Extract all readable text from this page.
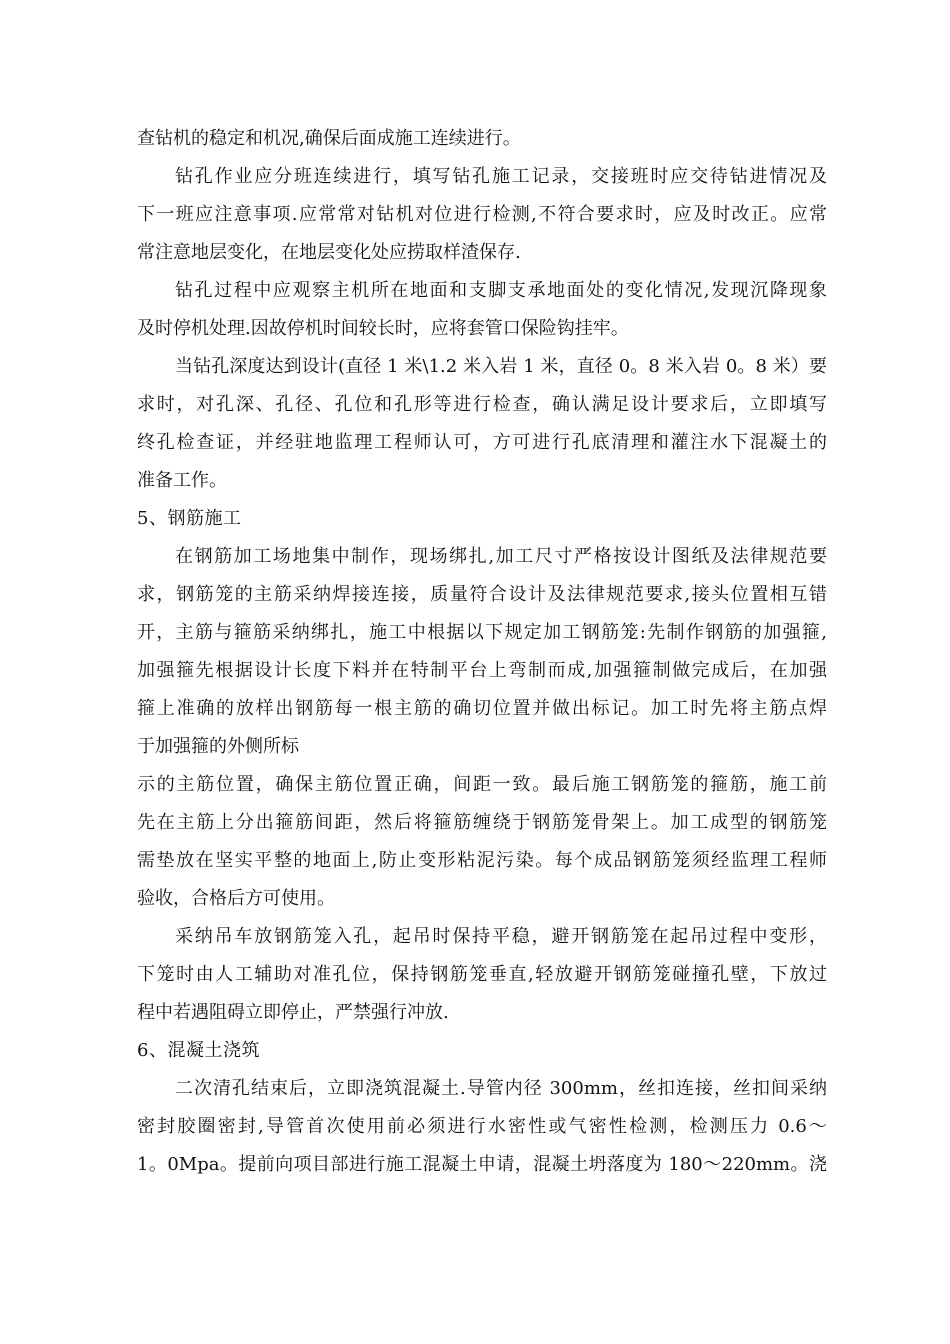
查钻机的稳定和机况,确保后面成施工连续进行。
钻孔作业应分班连续进行，填写钻孔施工记录，交接班时应交待钻进情况及
下一班应注意事项.应常常对钻机对位进行检测,不符合要求时，应及时改正。应常
常注意地层变化，在地层变化处应捞取样渣保存.
钻孔过程中应观察主机所在地面和支脚支承地面处的变化情况,发现沉降现象
及时停机处理.因故停机时间较长时，应将套管口保险钩挂牢。
当钻孔深度达到设计(直径 1 米\1.2 米入岩 1 米，直径 0。8 米入岩 0。8 米）要
求时，对孔深、孔径、孔位和孔形等进行检查，确认满足设计要求后，立即填写
终孔检查证，并经驻地监理工程师认可，方可进行孔底清理和灌注水下混凝土的
准备工作。
5、钢筋施工
在钢筋加工场地集中制作，现场绑扎,加工尺寸严格按设计图纸及法律规范要
求，钢筋笼的主筋采纳焊接连接，质量符合设计及法律规范要求,接头位置相互错
开，主筋与箍筋采纳绑扎，施工中根据以下规定加工钢筋笼:先制作钢筋的加强箍,
加强箍先根据设计长度下料并在特制平台上弯制而成,加强箍制做完成后，在加强
箍上准确的放样出钢筋每一根主筋的确切位置并做出标记。加工时先将主筋点焊
于加强箍的外侧所标
示的主筋位置，确保主筋位置正确，间距一致。最后施工钢筋笼的箍筋，施工前
先在主筋上分出箍筋间距，然后将箍筋缠绕于钢筋笼骨架上。加工成型的钢筋笼
需垫放在坚实平整的地面上,防止变形粘泥污染。每个成品钢筋笼须经监理工程师
验收，合格后方可使用。
采纳吊车放钢筋笼入孔，起吊时保持平稳，避开钢筋笼在起吊过程中变形，
下笼时由人工辅助对准孔位，保持钢筋笼垂直,轻放避开钢筋笼碰撞孔壁，下放过
程中若遇阻碍立即停止，严禁强行冲放.
6、混凝土浇筑
二次清孔结束后，立即浇筑混凝土.导管内径 300mm，丝扣连接，丝扣间采纳
密封胶圈密封,导管首次使用前必须进行水密性或气密性检测，检测压力 0.6～
1。0Mpa。提前向项目部进行施工混凝土申请，混凝土坍落度为 180～220mm。浇
